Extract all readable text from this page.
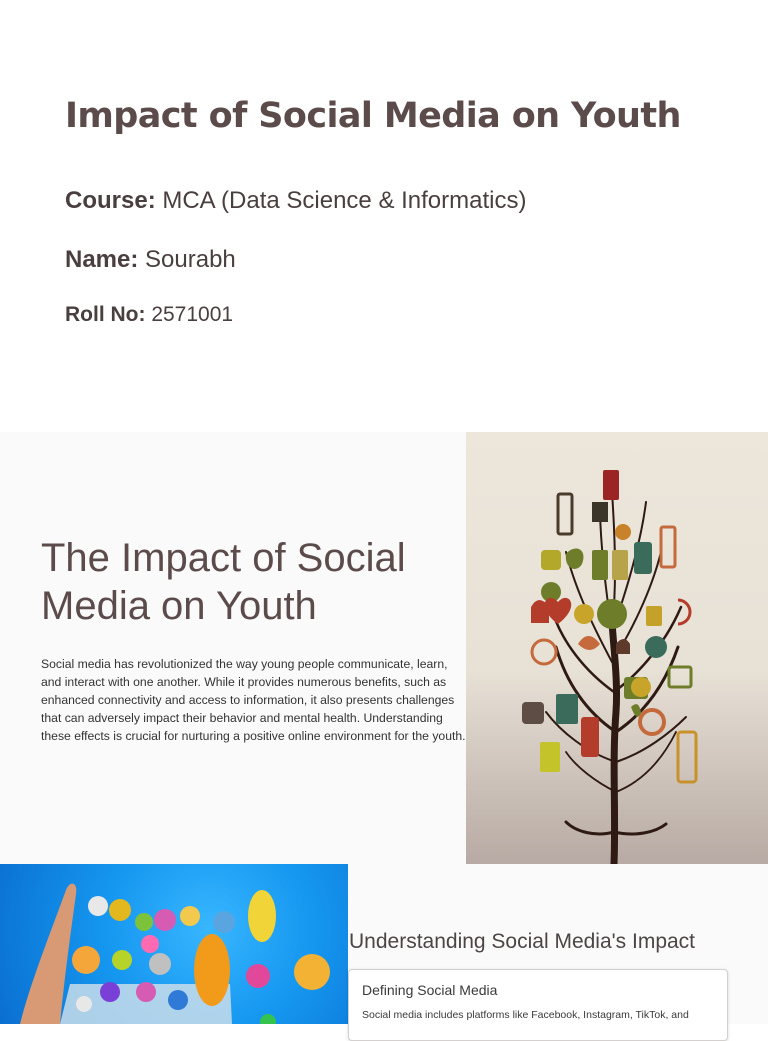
Impact of Social Media on Youth

Course: MCA (Data Science & Informatics)

Name: Sourabh

Roll No: 2571001

The Impact of Social Media on Youth

Social media has revolutionized the way young people communicate, learn, and interact with one another. While it provides numerous benefits, such as enhanced connectivity and access to information, it also presents challenges that can adversely impact their behavior and mental health. Understanding these effects is crucial for nurturing a positive online environment for the youth.

Understanding Social Media's Impact
Defining Social Media

Social media includes platforms like Facebook, Instagram, TikTok, and
